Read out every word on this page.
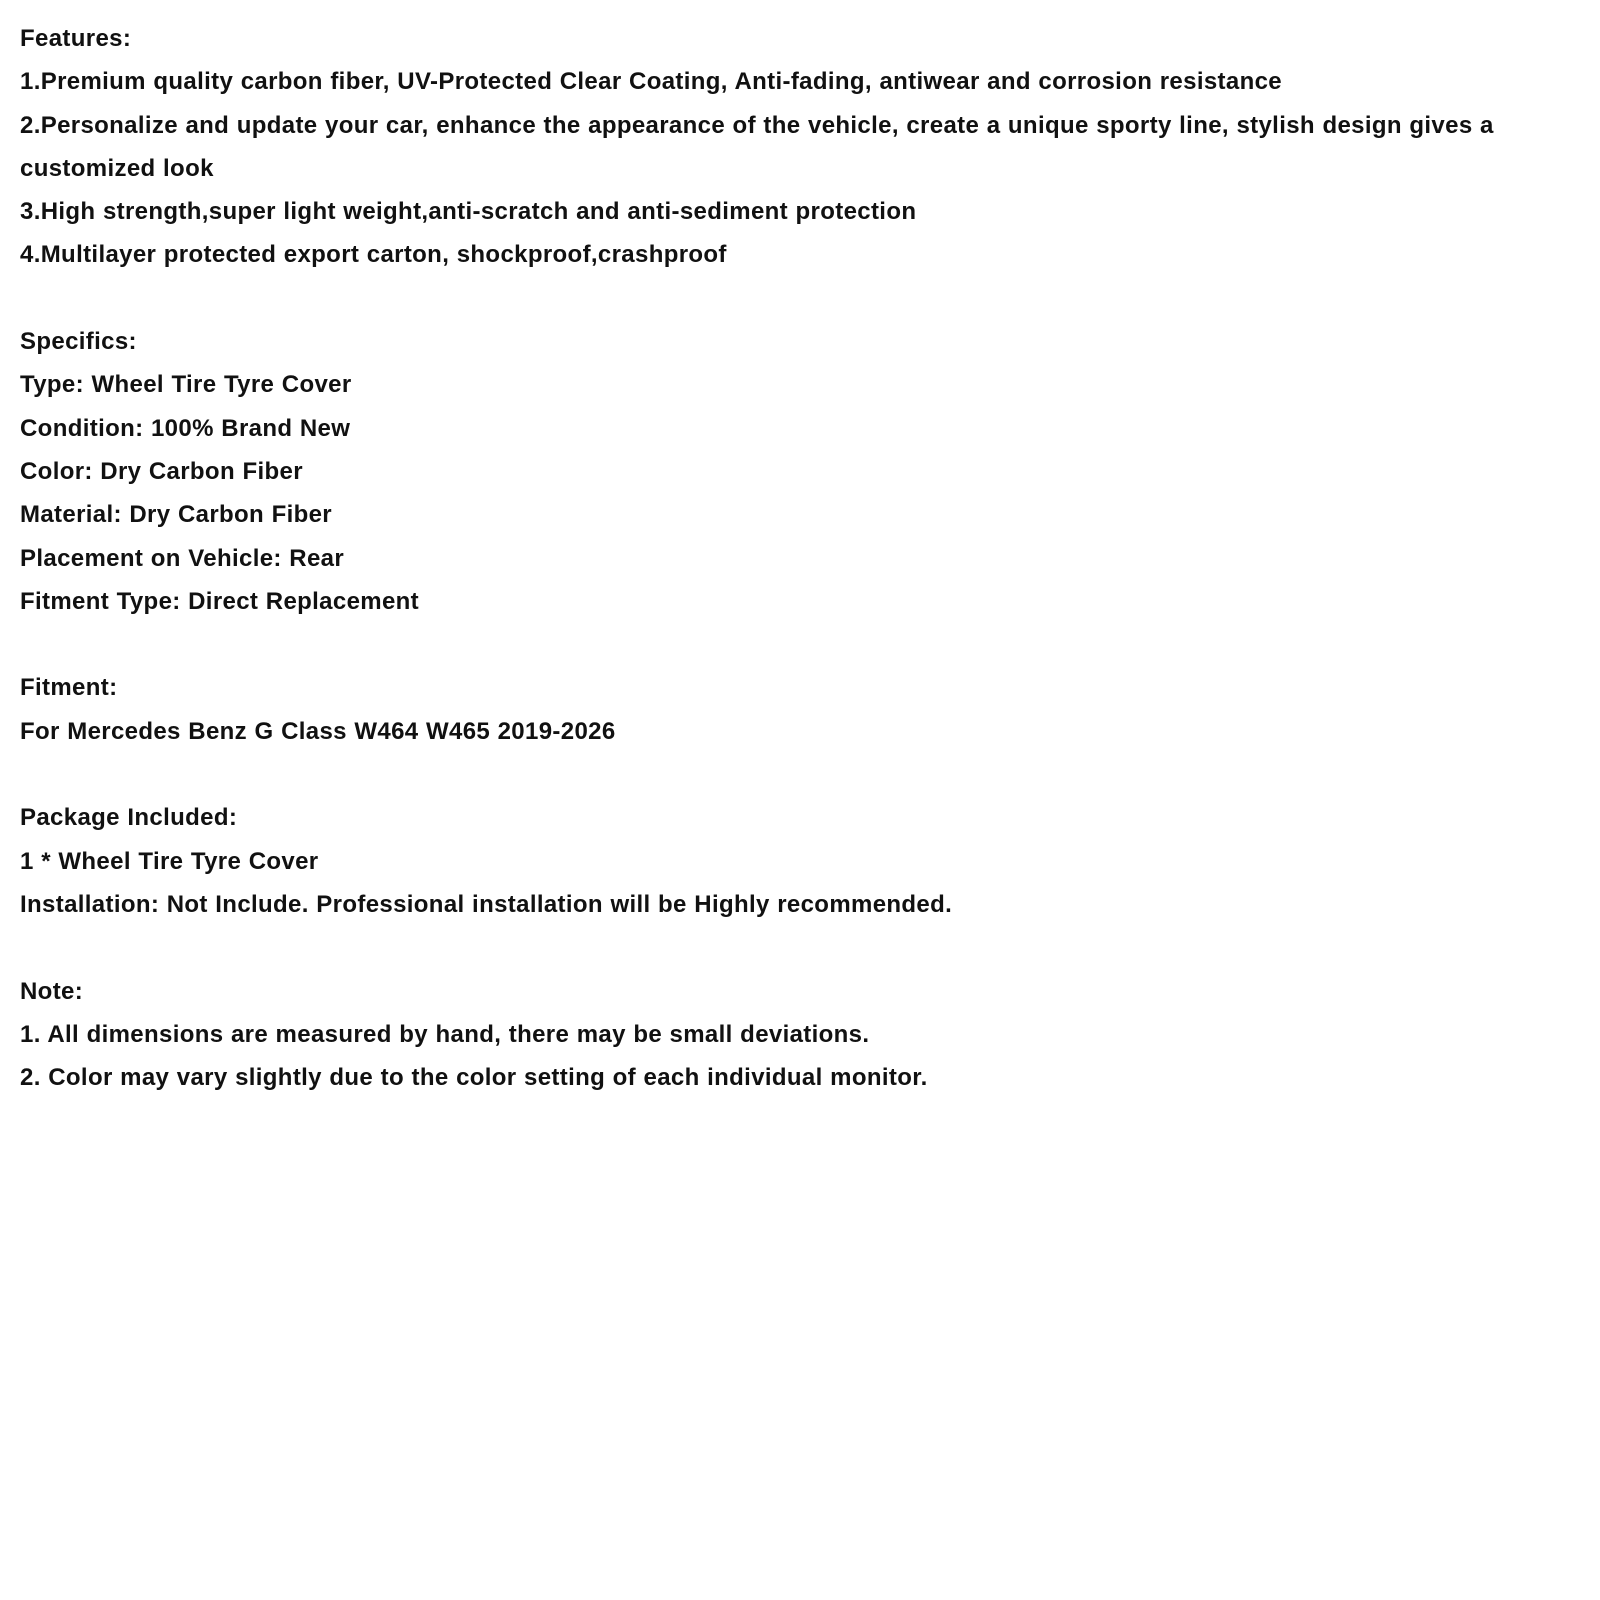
Features:
1.Premium quality carbon fiber, UV-Protected Clear Coating, Anti-fading, antiwear and corrosion resistance
2.Personalize and update your car, enhance the appearance of the vehicle, create a unique sporty line, stylish design gives a
customized look
3.High strength,super light weight,anti-scratch and anti-sediment protection
4.Multilayer protected export carton, shockproof,crashproof
Specifics:
Type: Wheel Tire Tyre Cover
Condition: 100% Brand New
Color: Dry Carbon Fiber
Material: Dry Carbon Fiber
Placement on Vehicle: Rear
Fitment Type: Direct Replacement
Fitment:
For Mercedes Benz G Class W464 W465 2019-2026
Package Included:
1 * Wheel Tire Tyre Cover
Installation: Not Include. Professional installation will be Highly recommended.
Note:
1. All dimensions are measured by hand, there may be small deviations.
2. Color may vary slightly due to the color setting of each individual monitor.
